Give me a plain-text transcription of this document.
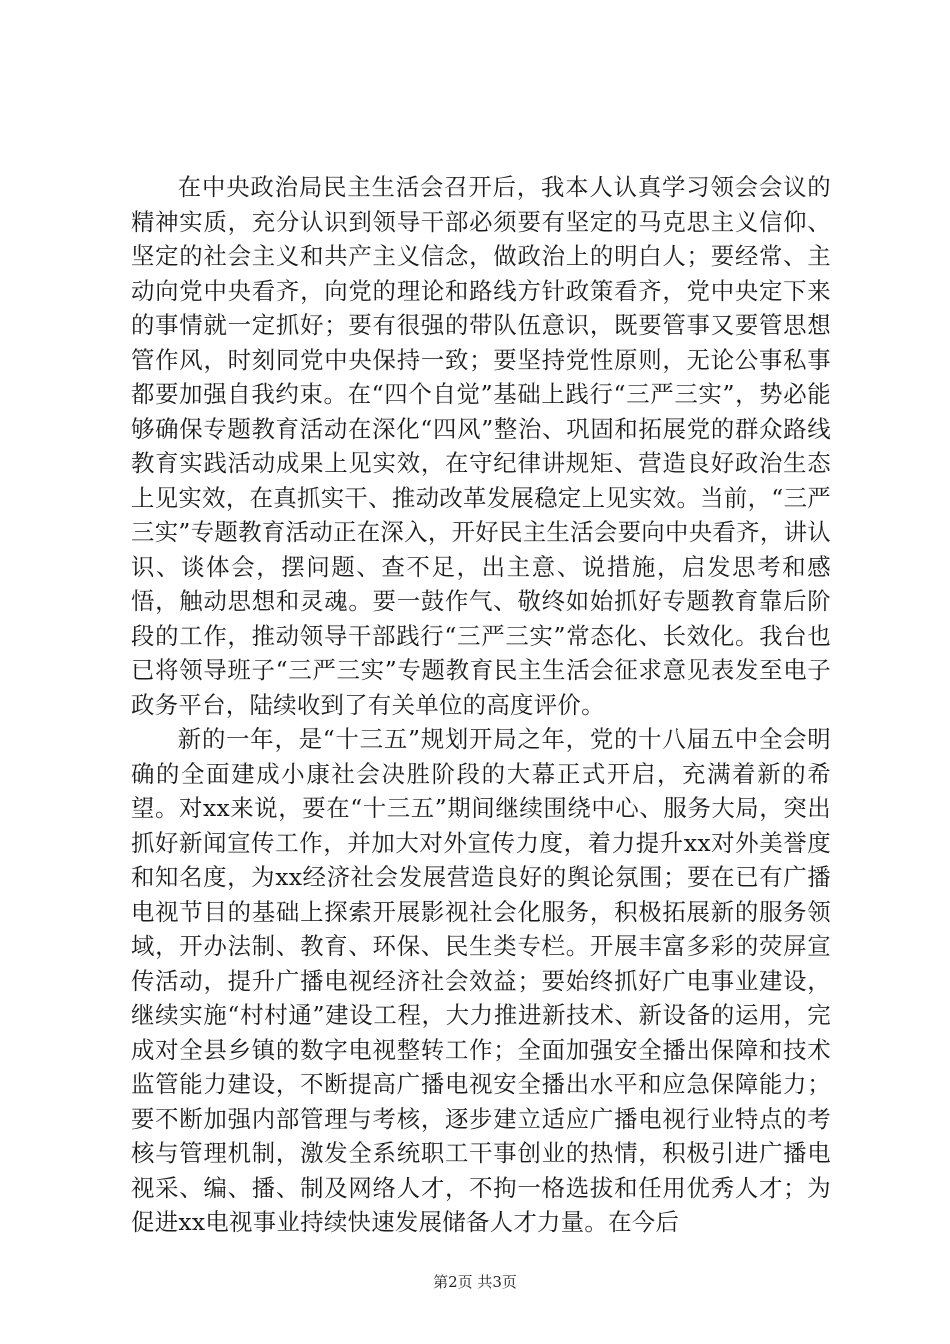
在中央政治局民主生活会召开后，我本人认真学习领会会议的精神实质，充分认识到领导干部必须要有坚定的马克思主义信仰、坚定的社会主义和共产主义信念，做政治上的明白人；要经常、主动向党中央看齐，向党的理论和路线方针政策看齐，党中央定下来的事情就一定抓好；要有很强的带队伍意识，既要管事又要管思想管作风，时刻同党中央保持一致；要坚持党性原则，无论公事私事都要加强自我约束。在“四个自觉”基础上践行“三严三实”，势必能够确保专题教育活动在深化“四风”整治、巩固和拓展党的群众路线教育实践活动成果上见实效，在守纪律讲规矩、营造良好政治生态上见实效，在真抓实干、推动改革发展稳定上见实效。当前，“三严三实”专题教育活动正在深入，开好民主生活会要向中央看齐，讲认识、谈体会，摆问题、查不足，出主意、说措施，启发思考和感悟，触动思想和灵魂。要一鼓作气、敬终如始抓好专题教育靠后阶段的工作，推动领导干部践行“三严三实”常态化、长效化。我台也已将领导班子“三严三实”专题教育民主生活会征求意见表发至电子政务平台，陆续收到了有关单位的高度评价。

新的一年，是“十三五”规划开局之年，党的十八届五中全会明确的全面建成小康社会决胜阶段的大幕正式开启，充满着新的希望。对xx来说，要在“十三五”期间继续围绕中心、服务大局，突出抓好新闻宣传工作，并加大对外宣传力度，着力提升xx对外美誉度和知名度，为xx经济社会发展营造良好的舆论氛围；要在已有广播电视节目的基础上探索开展影视社会化服务，积极拓展新的服务领域，开办法制、教育、环保、民生类专栏。开展丰富多彩的荧屏宣传活动，提升广播电视经济社会效益；要始终抓好广电事业建设，继续实施“村村通”建设工程，大力推进新技术、新设备的运用，完成对全县乡镇的数字电视整转工作；全面加强安全播出保障和技术监管能力建设，不断提高广播电视安全播出水平和应急保障能力；要不断加强内部管理与考核，逐步建立适应广播电视行业特点的考核与管理机制，激发全系统职工干事创业的热情，积极引进广播电视采、编、播、制及网络人才，不拘一格选拔和任用优秀人才；为促进xx电视事业持续快速发展储备人才力量。在今后

第2页 共3页
